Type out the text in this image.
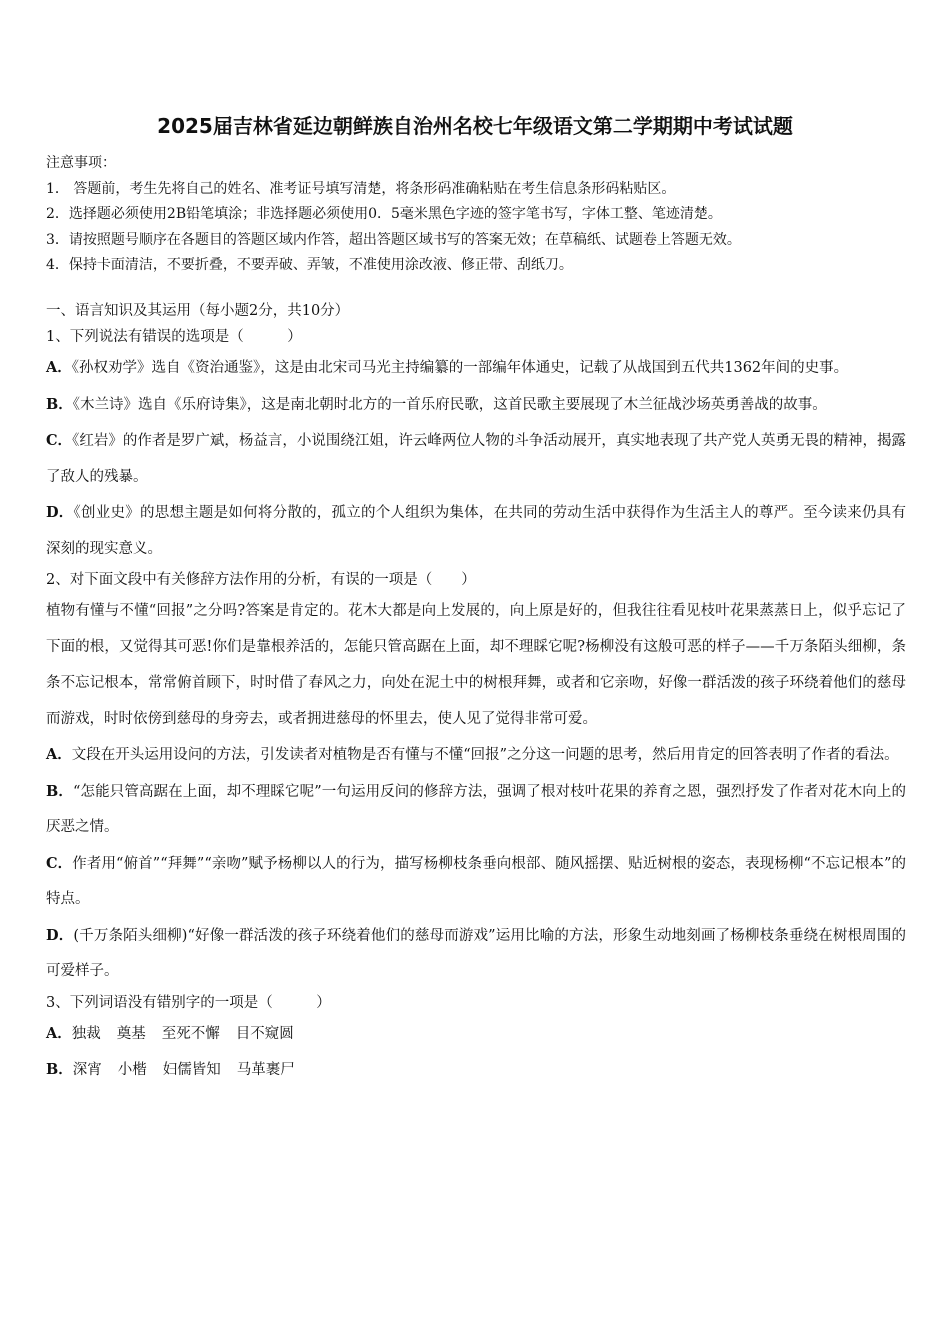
2025届吉林省延边朝鲜族自治州名校七年级语文第二学期期中考试试题
注意事项：
1． 答题前，考生先将自己的姓名、准考证号填写清楚，将条形码准确粘贴在考生信息条形码粘贴区。
2．选择题必须使用2B铅笔填涂；非选择题必须使用0．5毫米黑色字迹的签字笔书写，字体工整、笔迹清楚。
3．请按照题号顺序在各题目的答题区域内作答，超出答题区域书写的答案无效；在草稿纸、试题卷上答题无效。
4．保持卡面清洁，不要折叠，不要弄破、弄皱，不准使用涂改液、修正带、刮纸刀。
一、语言知识及其运用（每小题2分，共10分）
1、下列说法有错误的选项是（　　　）
A．《孙权劝学》选自《资治通鉴》，这是由北宋司马光主持编纂的一部编年体通史，记载了从战国到五代共1362年间的史事。
B．《木兰诗》选自《乐府诗集》，这是南北朝时北方的一首乐府民歌，这首民歌主要展现了木兰征战沙场英勇善战的故事。
C．《红岩》的作者是罗广斌，杨益言，小说围绕江姐，许云峰两位人物的斗争活动展开，真实地表现了共产党人英勇无畏的精神，揭露了敌人的残暴。
D．《创业史》的思想主题是如何将分散的，孤立的个人组织为集体，在共同的劳动生活中获得作为生活主人的尊严。至今读来仍具有深刻的现实意义。
2、对下面文段中有关修辞方法作用的分析，有误的一项是（　　）
植物有懂与不懂“回报”之分吗?答案是肯定的。花木大都是向上发展的，向上原是好的，但我往往看见枝叶花果蒸蒸日上，似乎忘记了下面的根，又觉得其可恶!你们是靠根养活的，怎能只管高踞在上面，却不理睬它呢?杨柳没有这般可恶的样子——千万条陌头细柳，条条不忘记根本，常常俯首顾下，时时借了春风之力，向处在泥土中的树根拜舞，或者和它亲吻，好像一群活泼的孩子环绕着他们的慈母而游戏，时时依傍到慈母的身旁去，或者拥进慈母的怀里去，使人见了觉得非常可爱。
A．文段在开头运用设问的方法，引发读者对植物是否有懂与不懂“回报”之分这一问题的思考，然后用肯定的回答表明了作者的看法。
B．“怎能只管高踞在上面，却不理睬它呢”一句运用反问的修辞方法，强调了根对枝叶花果的养育之恩，强烈抒发了作者对花木向上的厌恶之情。
C．作者用“俯首”“拜舞”“亲吻”赋予杨柳以人的行为，描写杨柳枝条垂向根部、随风摇摆、贴近树根的姿态，表现杨柳“不忘记根本”的特点。
D．(千万条陌头细柳)“好像一群活泼的孩子环绕着他们的慈母而游戏”运用比喻的方法，形象生动地刻画了杨柳枝条垂绕在树根周围的可爱样子。
3、下列词语没有错别字的一项是（　　　）
A．独裁 奠基 至死不懈 目不窥圆
B．深宵 小楷 妇儒皆知 马革裹尸
